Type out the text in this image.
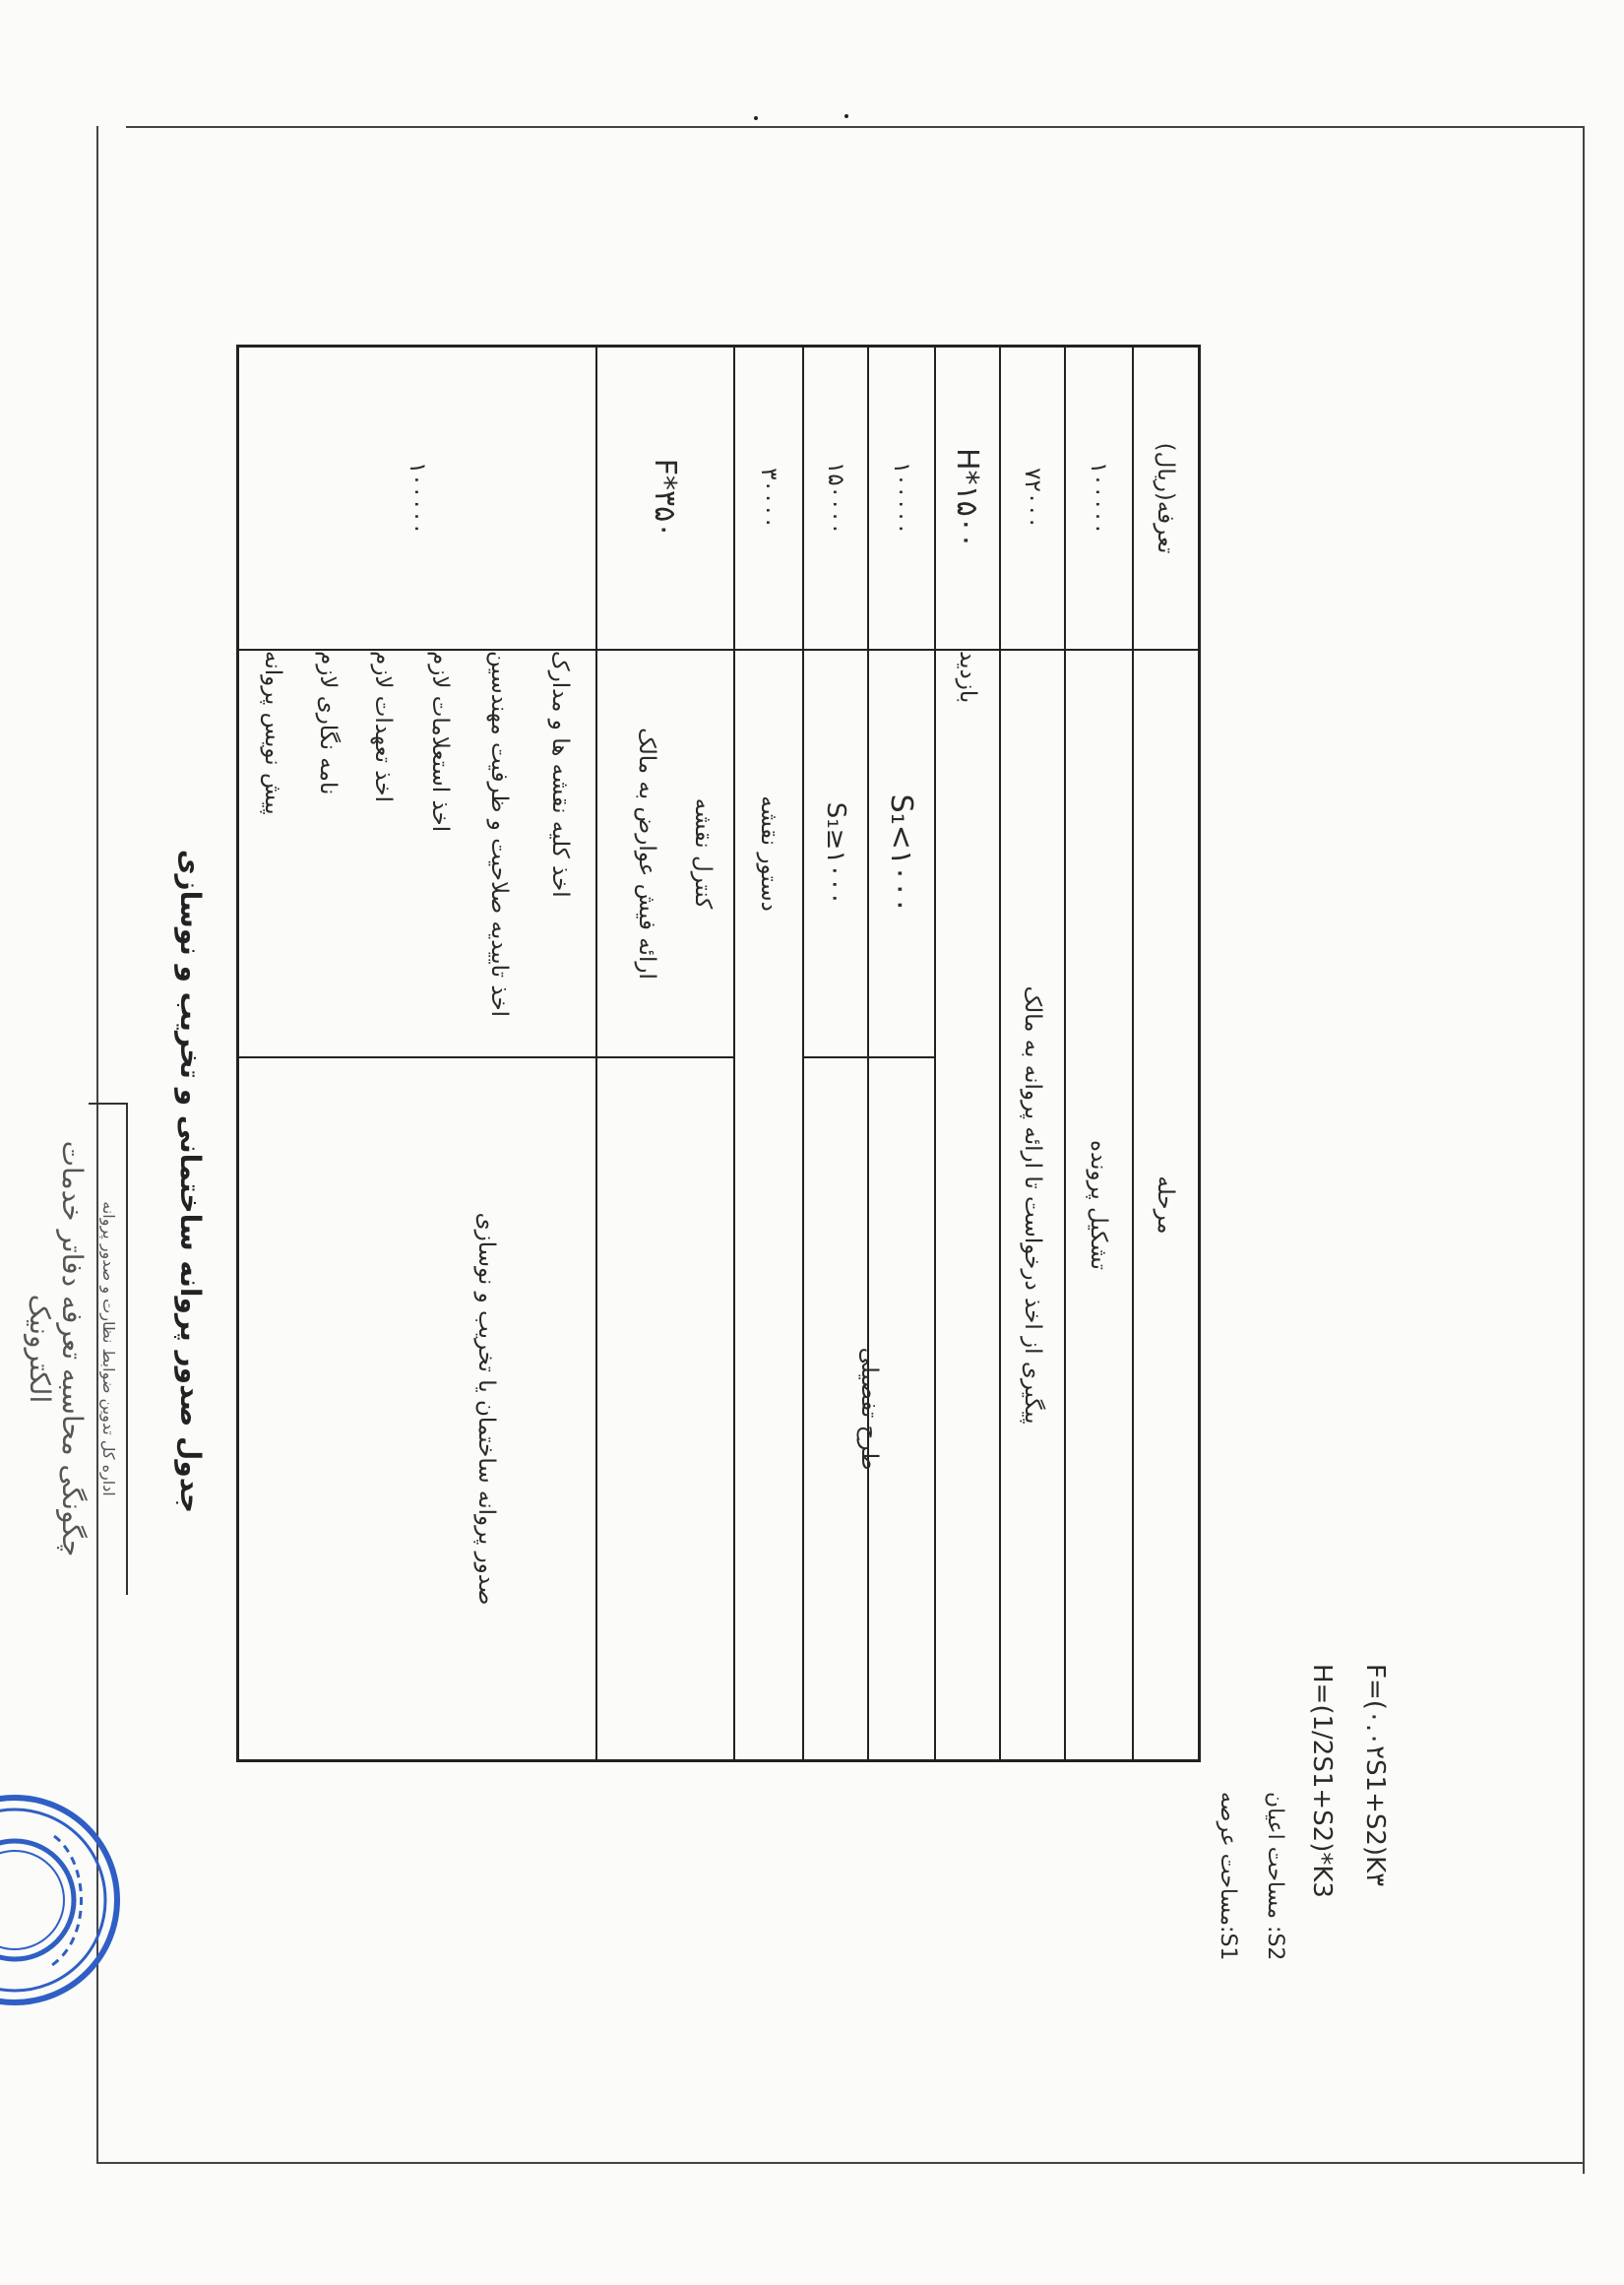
چگونگی محاسبه تعرفه دفاتر خدمات الکترونیک	اداره کل تدوین ضوابط نظارت و صدور پروانه جدول صدور پروانه ساختمانی و تخریب و نوسازی
تعرفه(ریال)
مرحله
۱۰۰۰۰۰
تشکیل پرونده
۷۲۰۰۰
پیگیری از اخذ درخواست تا ارائه پروانه به مالک
H*۱۵۰۰
بازدید
۱۰۰۰۰۰
S₁<۱۰۰۰
۱۵۰۰۰۰
S₁≥۱۰۰۰
طرح تفصیلی
۳۰۰۰۰
دستور نقشه
F*۳۵۰
کنترل نقشه
صدور پروانه ساختمان یا تخریب و نوسازی
۱۰۰۰۰۰
ارائه فیش عوارض به مالک
اخذ کلیه نقشه ها و مدارک
اخذ تاییدیه صلاحیت و ظرفیت مهندسین
اخذ استعلامات لازم
اخذ تعهدات لازم
نامه نگاری لازم
پیش نویس پروانه
S1:مساحت عرصه
S2: مساحت اعیان
H=(1/2S1+S2)*K3 F=(۰.۰۲S1+S2)K۳
